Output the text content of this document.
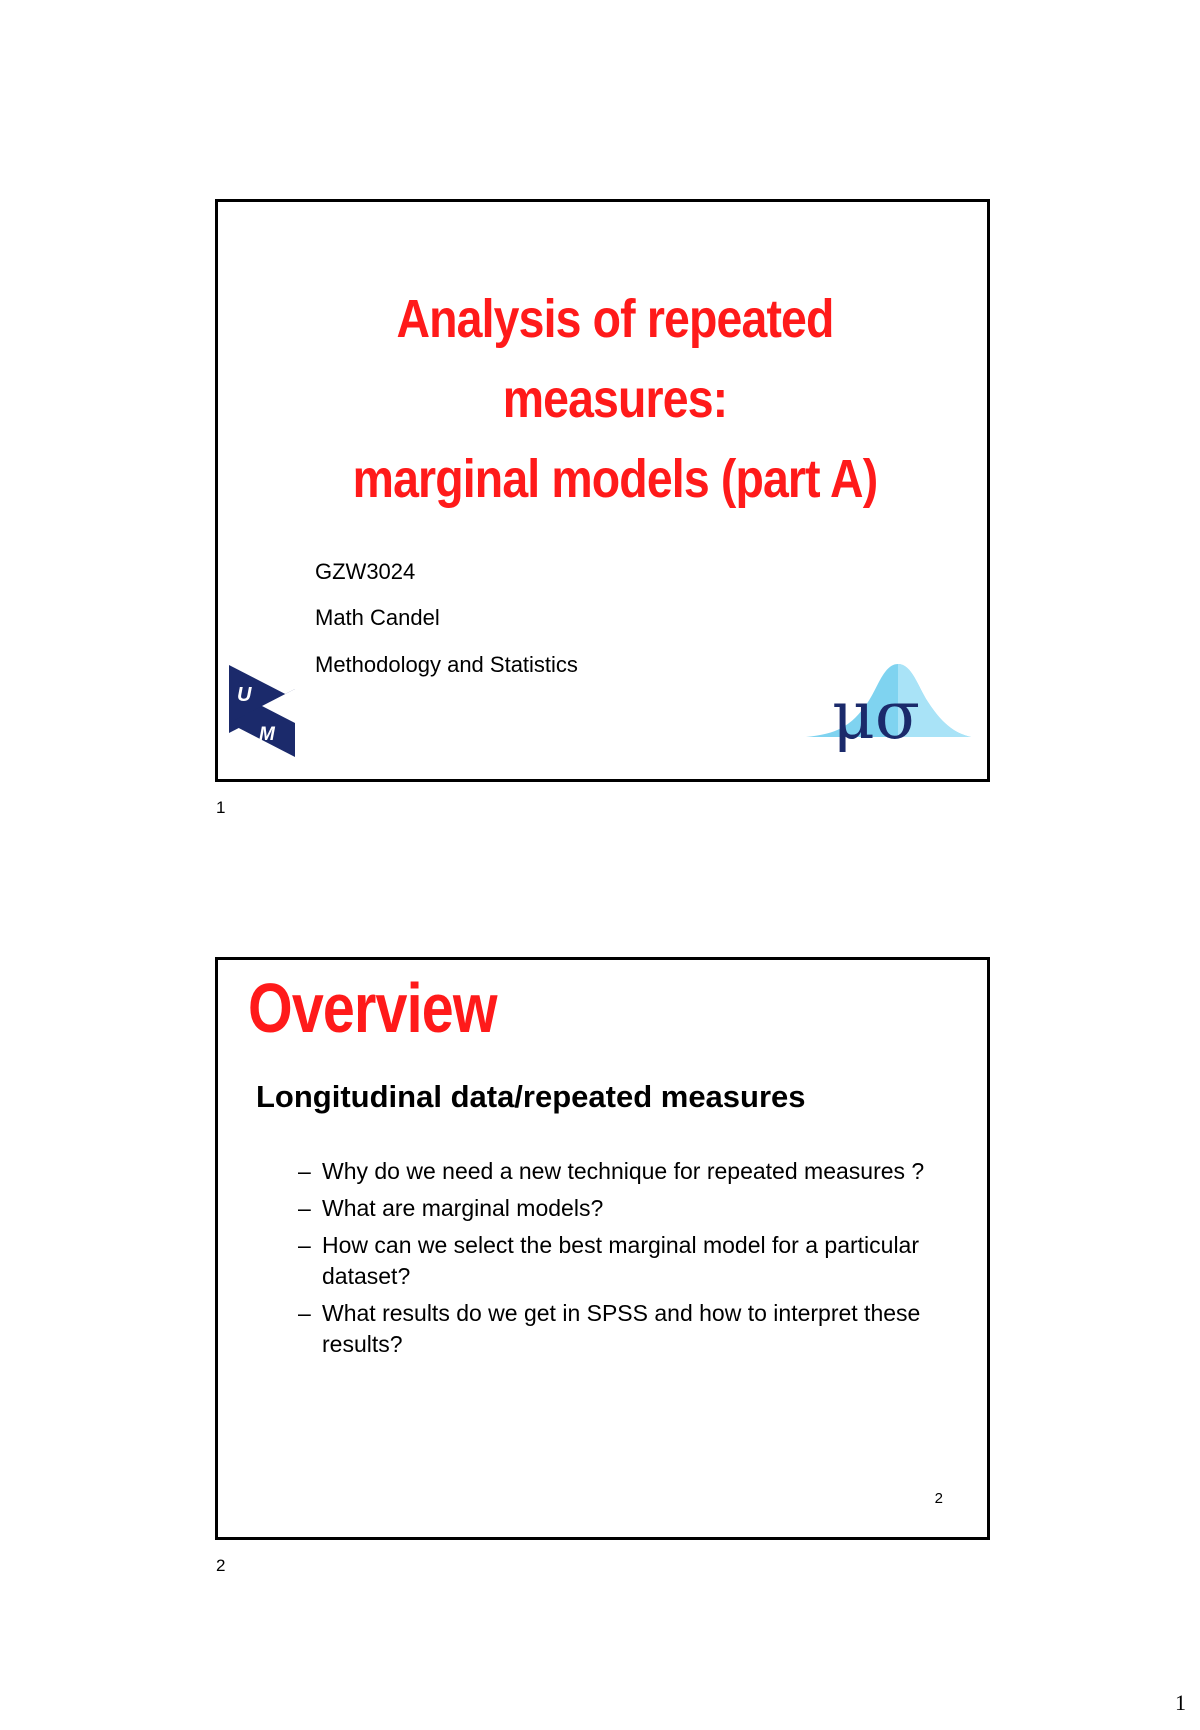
Analysis of repeated measures:
marginal models (part A)
GZW3024
Math Candel
Methodology and Statistics
U
M	μσ
1
Overview
Longitudinal data/repeated measures
– Why do we need a new technique for repeated measures ?
– What are marginal models?
– How can we select the best marginal model for a particular dataset?
– What results do we get in SPSS and how to interpret these results?
2
2
1
